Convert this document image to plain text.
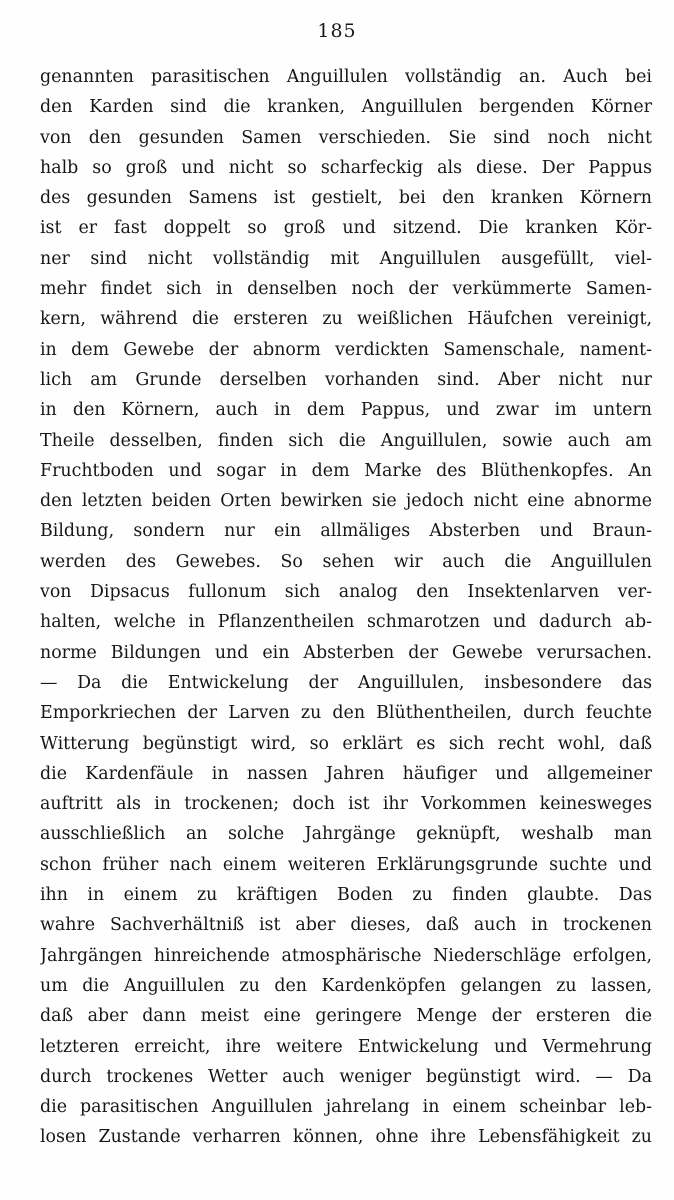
185
genannten parasitischen Anguillulen vollständig an. Auch bei
den Karden sind die kranken, Anguillulen bergenden Körner
von den gesunden Samen verschieden. Sie sind noch nicht
halb so groß und nicht so scharfeckig als diese. Der Pappus
des gesunden Samens ist gestielt, bei den kranken Körnern
ist er fast doppelt so groß und sitzend. Die kranken Kör-
ner sind nicht vollständig mit Anguillulen ausgefüllt, viel-
mehr findet sich in denselben noch der verkümmerte Samen-
kern, während die ersteren zu weißlichen Häufchen vereinigt,
in dem Gewebe der abnorm verdickten Samenschale, nament-
lich am Grunde derselben vorhanden sind. Aber nicht nur
in den Körnern, auch in dem Pappus, und zwar im untern
Theile desselben, finden sich die Anguillulen, sowie auch am
Fruchtboden und sogar in dem Marke des Blüthenkopfes. An
den letzten beiden Orten bewirken sie jedoch nicht eine abnorme
Bildung, sondern nur ein allmäliges Absterben und Braun-
werden des Gewebes. So sehen wir auch die Anguillulen
von Dipsacus fullonum sich analog den Insektenlarven ver-
halten, welche in Pflanzentheilen schmarotzen und dadurch ab-
norme Bildungen und ein Absterben der Gewebe verursachen.
— Da die Entwickelung der Anguillulen, insbesondere das
Emporkriechen der Larven zu den Blüthentheilen, durch feuchte
Witterung begünstigt wird, so erklärt es sich recht wohl, daß
die Kardenfäule in nassen Jahren häufiger und allgemeiner
auftritt als in trockenen; doch ist ihr Vorkommen keinesweges
ausschließlich an solche Jahrgänge geknüpft, weshalb man
schon früher nach einem weiteren Erklärungsgrunde suchte und
ihn in einem zu kräftigen Boden zu finden glaubte. Das
wahre Sachverhältniß ist aber dieses, daß auch in trockenen
Jahrgängen hinreichende atmosphärische Niederschläge erfolgen,
um die Anguillulen zu den Kardenköpfen gelangen zu lassen,
daß aber dann meist eine geringere Menge der ersteren die
letzteren erreicht, ihre weitere Entwickelung und Vermehrung
durch trockenes Wetter auch weniger begünstigt wird. — Da
die parasitischen Anguillulen jahrelang in einem scheinbar leb-
losen Zustande verharren können, ohne ihre Lebensfähigkeit zu
